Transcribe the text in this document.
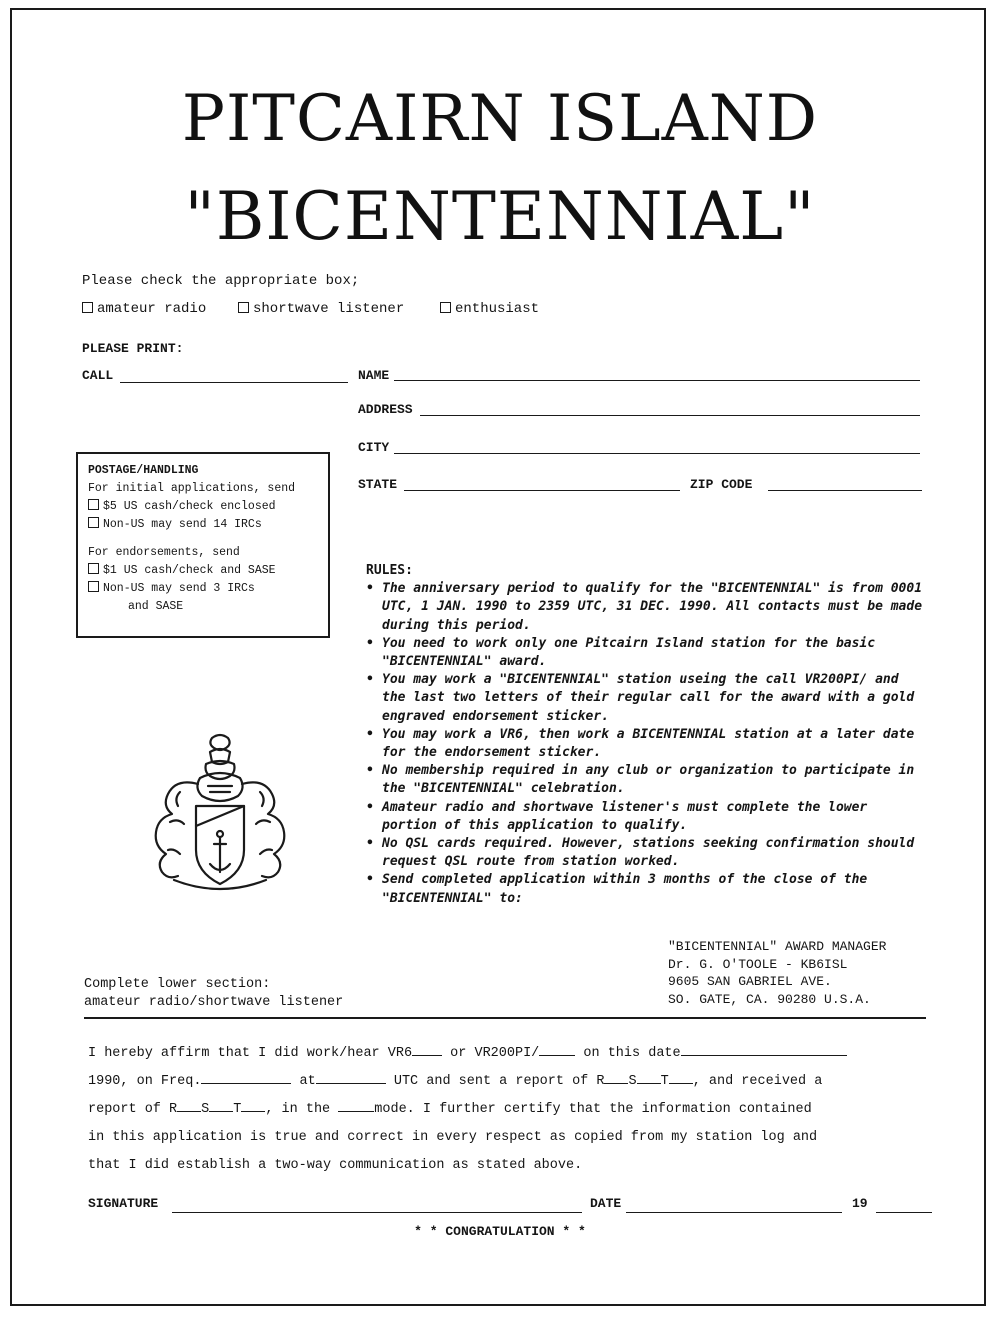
PITCAIRN ISLAND
"BICENTENNIAL"
Please check the appropriate box;
amateur radio	shortwave listener	enthusiast
PLEASE PRINT:
CALL	NAME
ADDRESS
CITY
STATE	ZIP CODE
POSTAGE/HANDLING
For initial applications, send
$5 US cash/check enclosed
Non-US may send 14 IRCs
For endorsements, send
$1 US cash/check and SASE
Non-US may send 3 IRCs
and SASE
RULES:
• The anniversary period to qualify for the "BICENTENNIAL" is from 0001 UTC, 1 JAN. 1990 to 2359 UTC, 31 DEC. 1990. All contacts must be made during this period.
• You need to work only one Pitcairn Island station for the basic "BICENTENNIAL" award.
• You may work a "BICENTENNIAL" station useing the call VR200PI/ and the last two letters of their regular call for the award with a gold engraved endorsement sticker.
• You may work a VR6, then work a BICENTENNIAL station at a later date for the endorsement sticker.
• No membership required in any club or organization to participate in the "BICENTENNIAL" celebration.
• Amateur radio and shortwave listener's must complete the lower portion of this application to qualify.
• No QSL cards required. However, stations seeking confirmation should request QSL route from station worked.
• Send completed application within 3 months of the close of the "BICENTENNIAL" to:
"BICENTENNIAL" AWARD MANAGER
Dr. G. O'TOOLE - KB6ISL
9605 SAN GABRIEL AVE.
SO. GATE, CA. 90280 U.S.A.
Complete lower section:
amateur radio/shortwave listener
I hereby affirm that I did work/hear VR6	or VR200PI/	on this date
1990, on Freq.	at	UTC and sent a report of R S T , and received a
report of R S T , in the	mode. I further certify that the information contained
in this application is true and correct in every respect as copied from my station log and
that I did establish a two-way communication as stated above.
SIGNATURE	DATE	19
* * CONGRATULATION * *
